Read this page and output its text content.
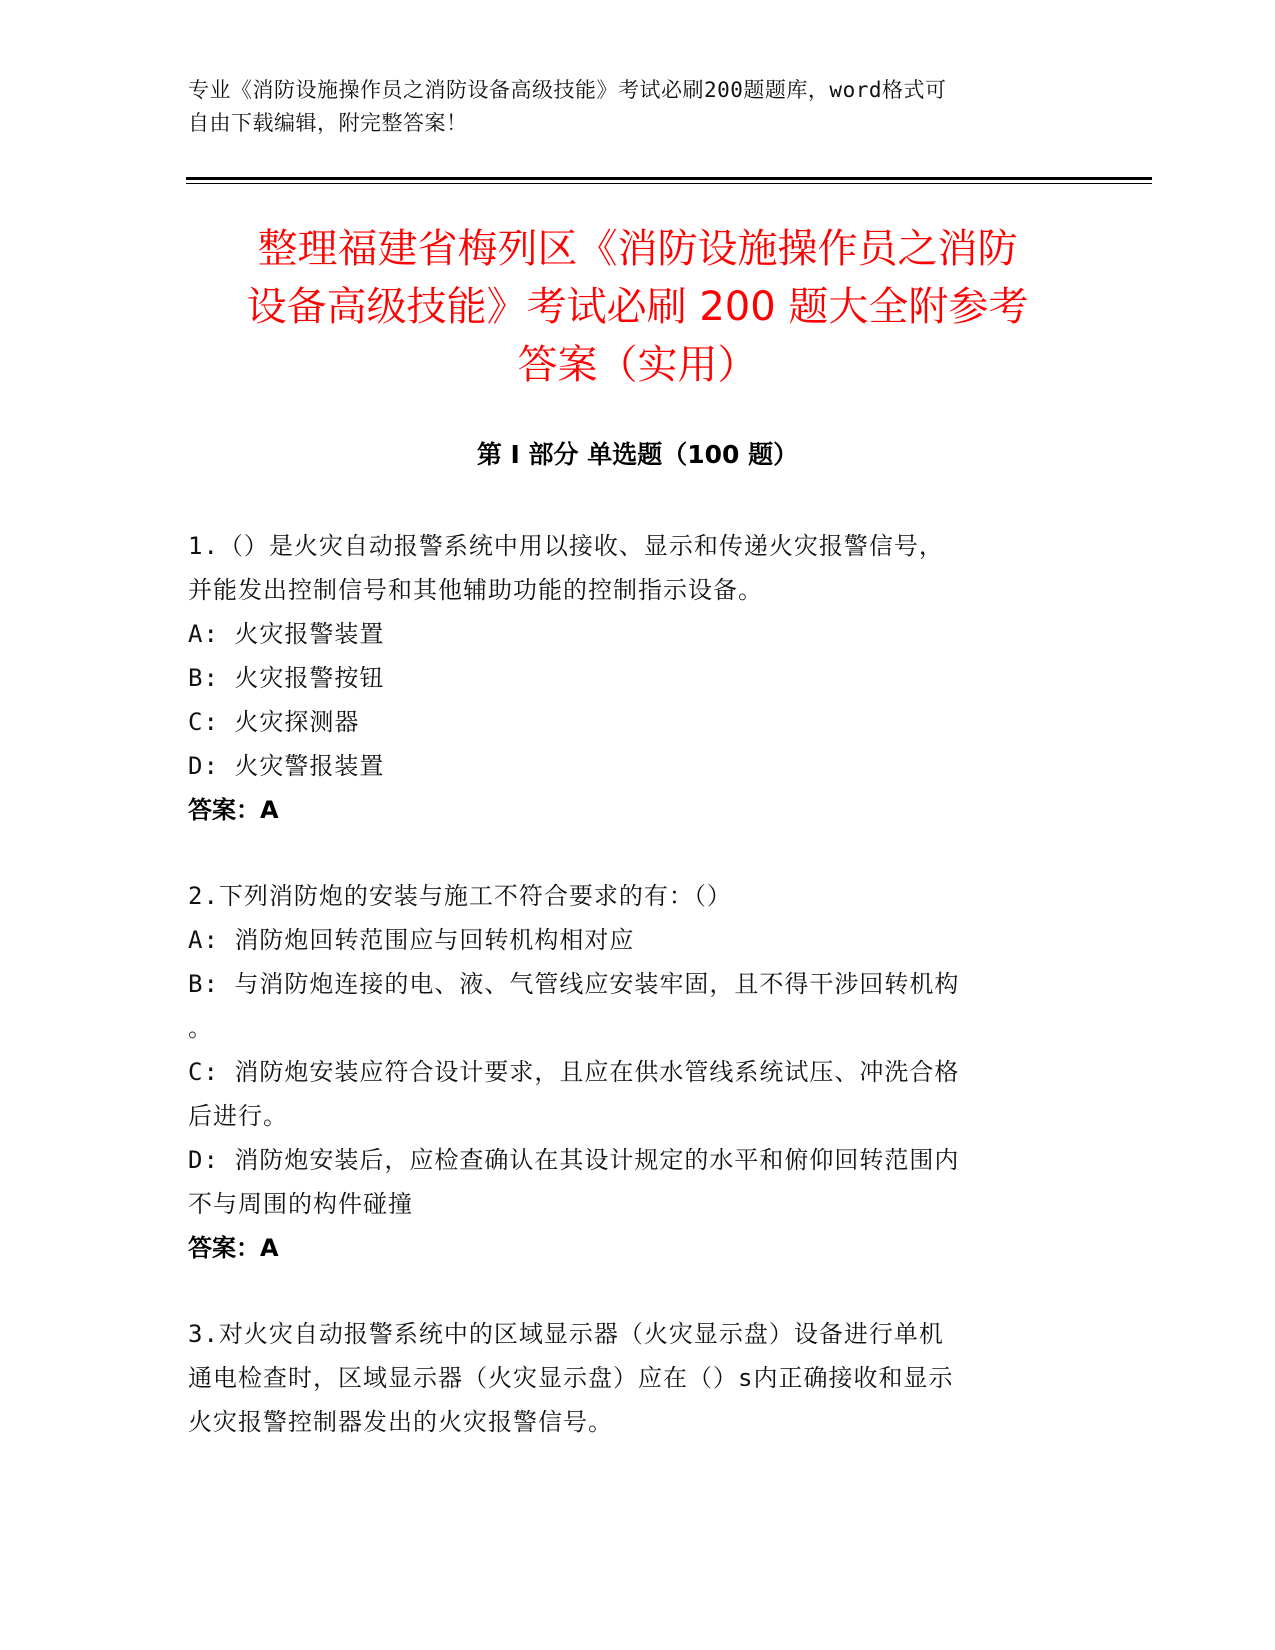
专业《消防设施操作员之消防设备高级技能》考试必刷200题题库，word格式可
自由下载编辑，附完整答案！
整理福建省梅列区《消防设施操作员之消防
设备高级技能》考试必刷 200 题大全附参考
答案（实用）
第 I 部分 单选题（100 题）
1.（）是火灾自动报警系统中用以接收、显示和传递火灾报警信号，
并能发出控制信号和其他辅助功能的控制指示设备。
A: 火灾报警装置
B: 火灾报警按钮
C: 火灾探测器
D: 火灾警报装置
答案：A
2.下列消防炮的安装与施工不符合要求的有：（）
A: 消防炮回转范围应与回转机构相对应
B: 与消防炮连接的电、液、气管线应安装牢固，且不得干涉回转机构
。
C: 消防炮安装应符合设计要求，且应在供水管线系统试压、冲洗合格
后进行。
D: 消防炮安装后，应检查确认在其设计规定的水平和俯仰回转范围内
不与周围的构件碰撞
答案：A
3.对火灾自动报警系统中的区域显示器（火灾显示盘）设备进行单机
通电检查时，区域显示器（火灾显示盘）应在（）s内正确接收和显示
火灾报警控制器发出的火灾报警信号。
